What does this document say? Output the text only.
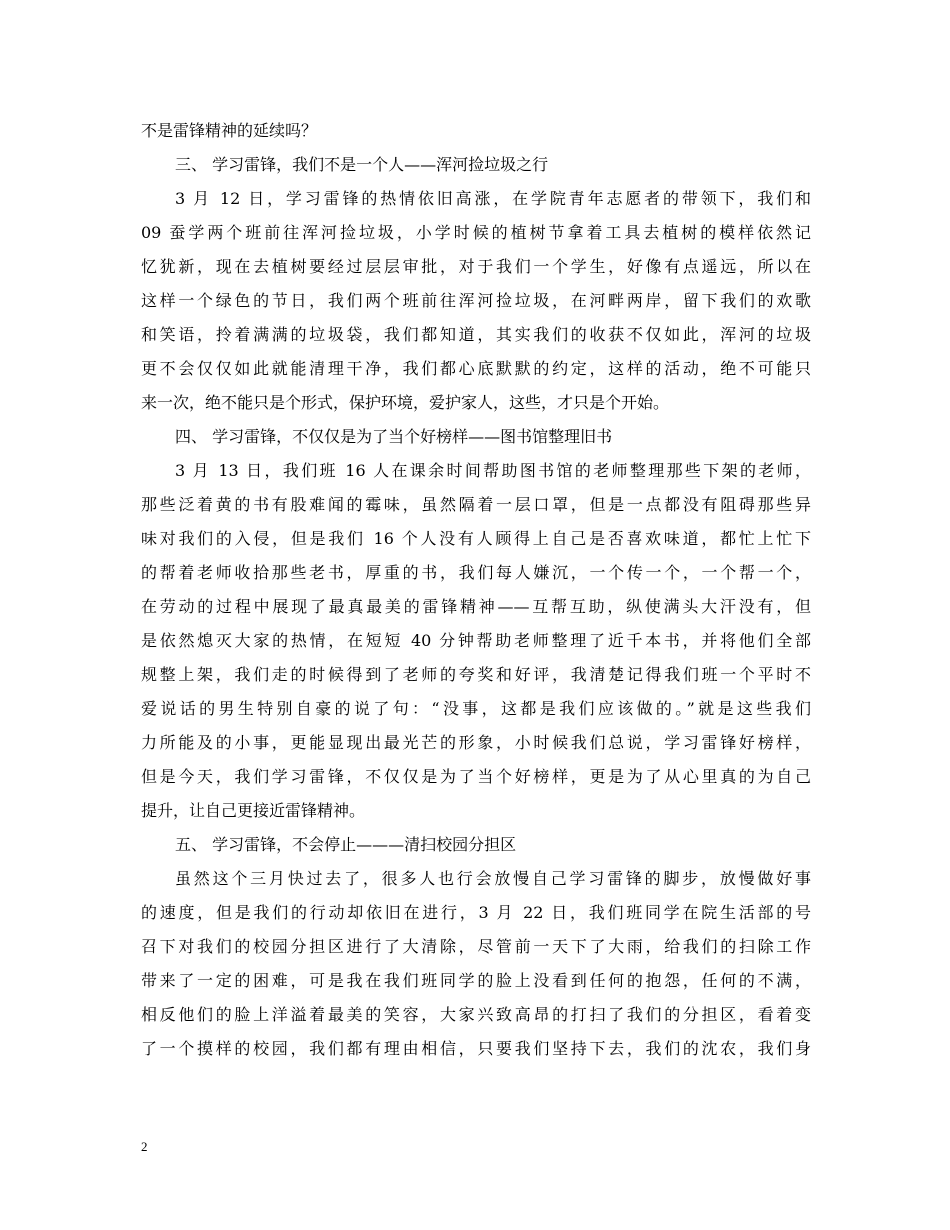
不是雷锋精神的延续吗？
三、 学习雷锋，我们不是一个人——浑河捡垃圾之行
3 月 12 日，学习雷锋的热情依旧高涨，在学院青年志愿者的带领下，我们和
09 蚕学两个班前往浑河捡垃圾，小学时候的植树节拿着工具去植树的模样依然记
忆犹新，现在去植树要经过层层审批，对于我们一个学生，好像有点遥远，所以在
这样一个绿色的节日，我们两个班前往浑河捡垃圾，在河畔两岸，留下我们的欢歌
和笑语，拎着满满的垃圾袋，我们都知道，其实我们的收获不仅如此，浑河的垃圾
更不会仅仅如此就能清理干净，我们都心底默默的约定，这样的活动，绝不可能只
来一次，绝不能只是个形式，保护环境，爱护家人，这些，才只是个开始。
四、 学习雷锋，不仅仅是为了当个好榜样——图书馆整理旧书
3 月 13 日，我们班 16 人在课余时间帮助图书馆的老师整理那些下架的老师，
那些泛着黄的书有股难闻的霉味，虽然隔着一层口罩，但是一点都没有阻碍那些异
味对我们的入侵，但是我们 16 个人没有人顾得上自己是否喜欢味道，都忙上忙下
的帮着老师收拾那些老书，厚重的书，我们每人嫌沉，一个传一个，一个帮一个，
在劳动的过程中展现了最真最美的雷锋精神——互帮互助，纵使满头大汗没有，但
是依然熄灭大家的热情，在短短 40 分钟帮助老师整理了近千本书，并将他们全部
规整上架，我们走的时候得到了老师的夸奖和好评，我清楚记得我们班一个平时不
爱说话的男生特别自豪的说了句：“没事，这都是我们应该做的。”就是这些我们
力所能及的小事，更能显现出最光芒的形象，小时候我们总说，学习雷锋好榜样，
但是今天，我们学习雷锋，不仅仅是为了当个好榜样，更是为了从心里真的为自己
提升，让自己更接近雷锋精神。
五、 学习雷锋，不会停止———清扫校园分担区
虽然这个三月快过去了，很多人也行会放慢自己学习雷锋的脚步，放慢做好事
的速度，但是我们的行动却依旧在进行，3 月 22 日，我们班同学在院生活部的号
召下对我们的校园分担区进行了大清除，尽管前一天下了大雨，给我们的扫除工作
带来了一定的困难，可是我在我们班同学的脸上没看到任何的抱怨，任何的不满，
相反他们的脸上洋溢着最美的笑容，大家兴致高昂的打扫了我们的分担区，看着变
了一个摸样的校园，我们都有理由相信，只要我们坚持下去，我们的沈农，我们身
2
